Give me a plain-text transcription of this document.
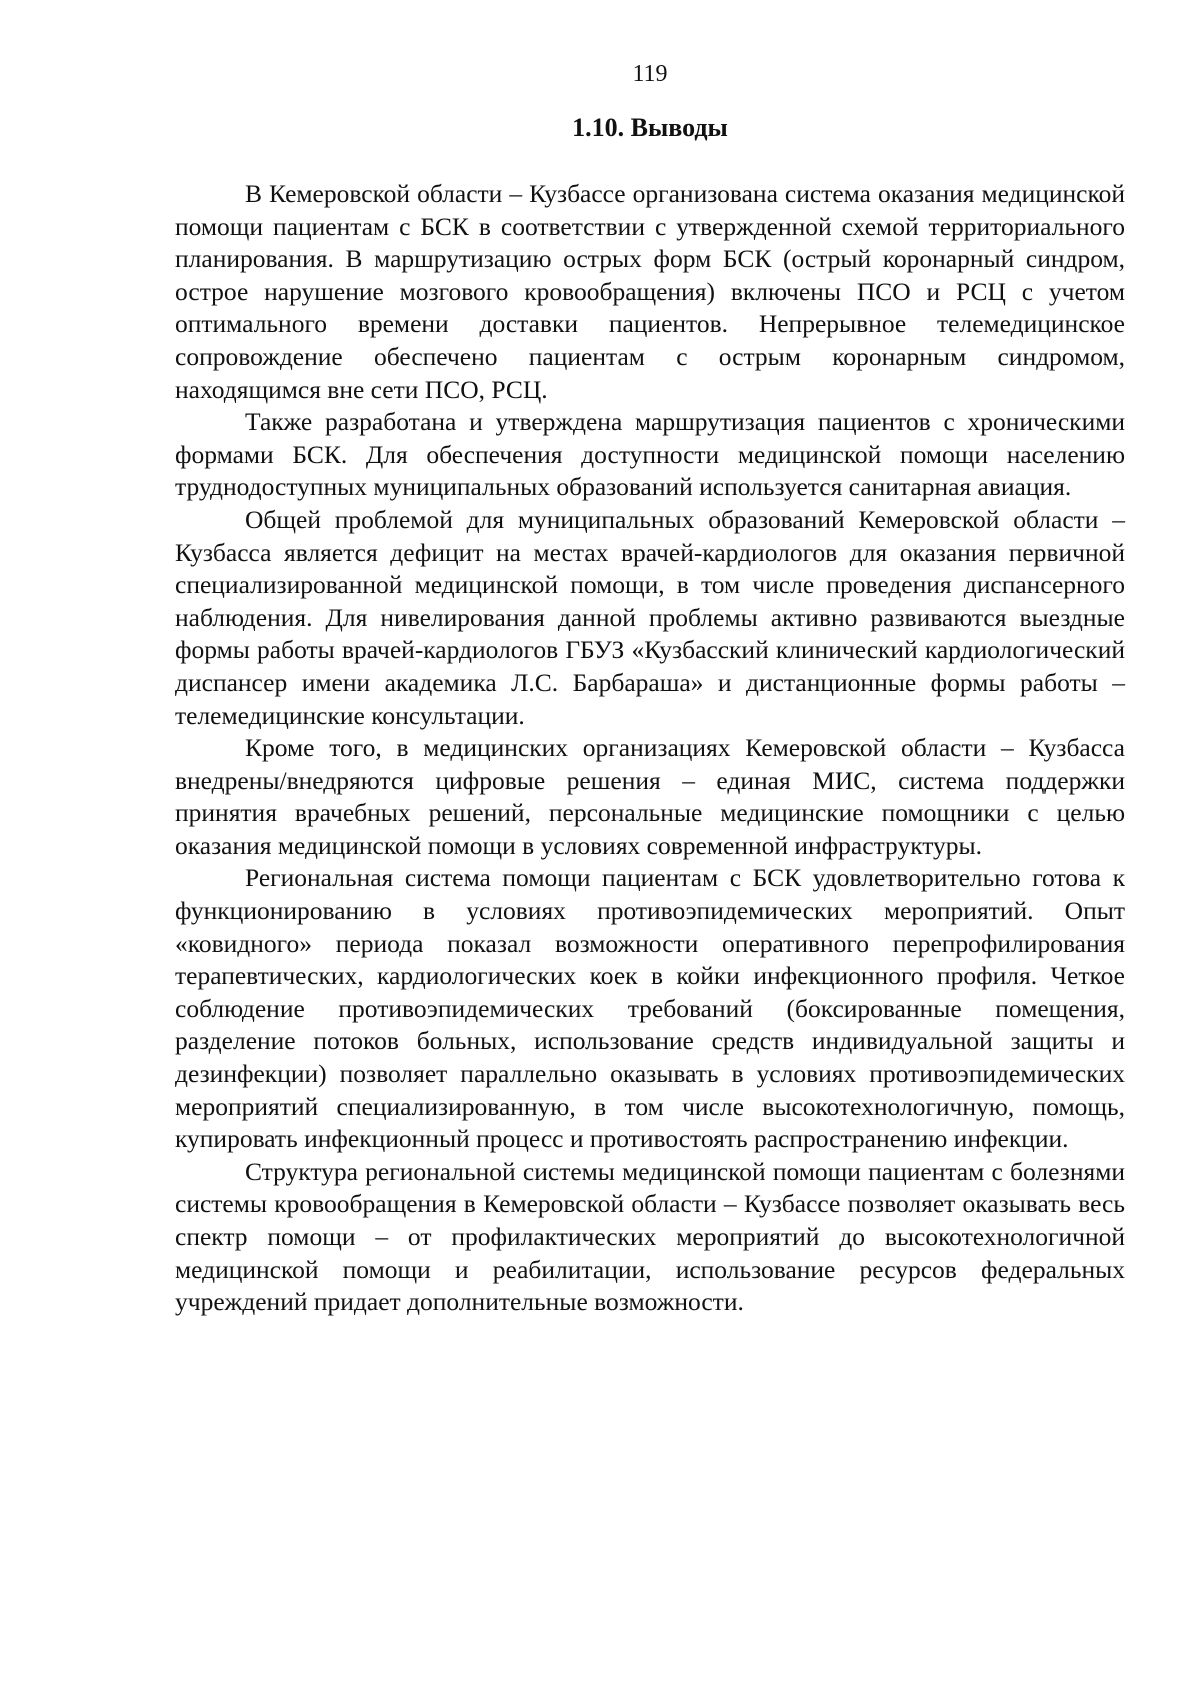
119
1.10. Выводы

В Кемеровской области – Кузбассе организована система оказания медицинской помощи пациентам с БСК в соответствии с утвержденной схемой территориального планирования. В маршрутизацию острых форм БСК (острый коронарный синдром, острое нарушение мозгового кровообращения) включены ПСО и РСЦ с учетом оптимального времени доставки пациентов. Непрерывное телемедицинское сопровождение обеспечено пациентам с острым коронарным синдромом, находящимся вне сети ПСО, РСЦ.

Также разработана и утверждена маршрутизация пациентов с хроническими формами БСК. Для обеспечения доступности медицинской помощи населению труднодоступных муниципальных образований используется санитарная авиация.

Общей проблемой для муниципальных образований Кемеровской области – Кузбасса является дефицит на местах врачей-кардиологов для оказания первичной специализированной медицинской помощи, в том числе проведения диспансерного наблюдения. Для нивелирования данной проблемы активно развиваются выездные формы работы врачей-кардиологов ГБУЗ «Кузбасский клинический кардиологический диспансер имени академика Л.С. Барбараша» и дистанционные формы работы – телемедицинские консультации.

Кроме того, в медицинских организациях Кемеровской области – Кузбасса внедрены/внедряются цифровые решения – единая МИС, система поддержки принятия врачебных решений, персональные медицинские помощники с целью оказания медицинской помощи в условиях современной инфраструктуры.

Региональная система помощи пациентам с БСК удовлетворительно готова к функционированию в условиях противоэпидемических мероприятий. Опыт «ковидного» периода показал возможности оперативного перепрофилирования терапевтических, кардиологических коек в койки инфекционного профиля. Четкое соблюдение противоэпидемических требований (боксированные помещения, разделение потоков больных, использование средств индивидуальной защиты и дезинфекции) позволяет параллельно оказывать в условиях противоэпидемических мероприятий специализированную, в том числе высокотехнологичную, помощь, купировать инфекционный процесс и противостоять распространению инфекции.

Структура региональной системы медицинской помощи пациентам с болезнями системы кровообращения в Кемеровской области – Кузбассе позволяет оказывать весь спектр помощи – от профилактических мероприятий до высокотехнологичной медицинской помощи и реабилитации, использование ресурсов федеральных учреждений придает дополнительные возможности.
